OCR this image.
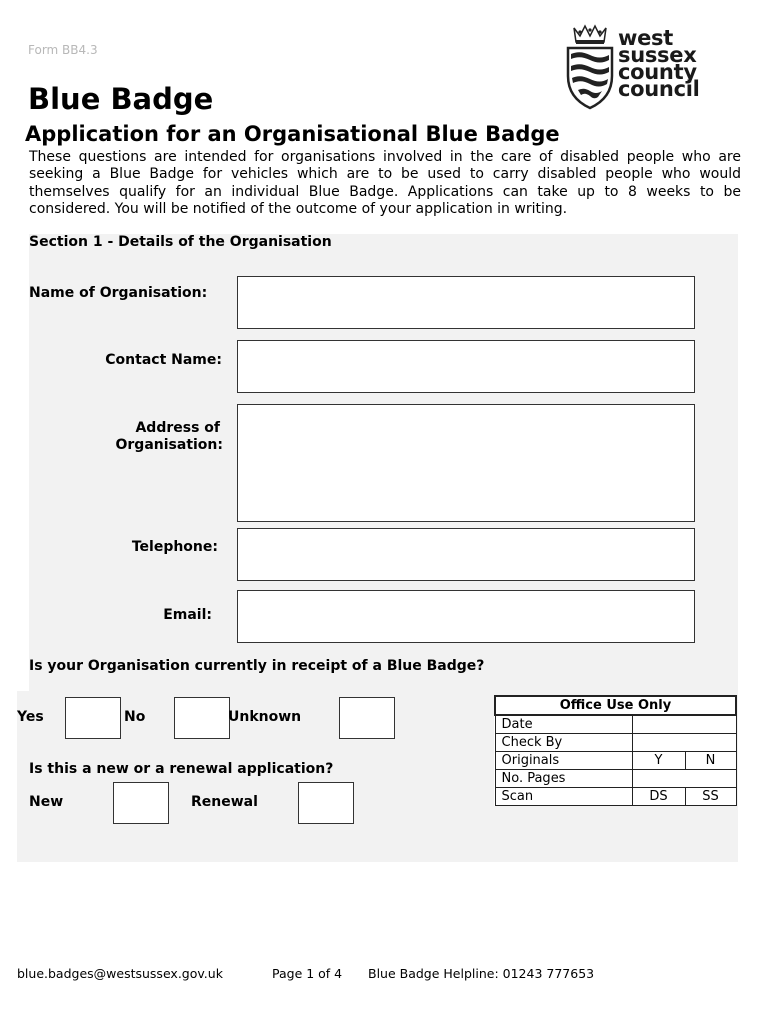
Form BB4.3
Blue Badge
Application for an Organisational Blue Badge

These questions are intended for organisations involved in the care of disabled people who are seeking a Blue Badge for vehicles which are to be used to carry disabled people who would themselves qualify for an individual Blue Badge. Applications can take up to 8 weeks to be considered. You will be notified of the outcome of your application in writing.

west
sussex
county
council
Section 1 - Details of the Organisation
Name of Organisation:
Contact Name:
Address of
Organisation:
Telephone:
Email:
Is your Organisation currently in receipt of a Blue Badge?
Yes	No	Unknown
Is this a new or a renewal application?
New	Renewal
Office Use Only		
Date		
Check By		
Originals	Y	N
No. Pages		
Scan	DS	SS
blue.badges@westsussex.gov.uk	Page 1 of 4 Blue Badge Helpline: 01243 777653
